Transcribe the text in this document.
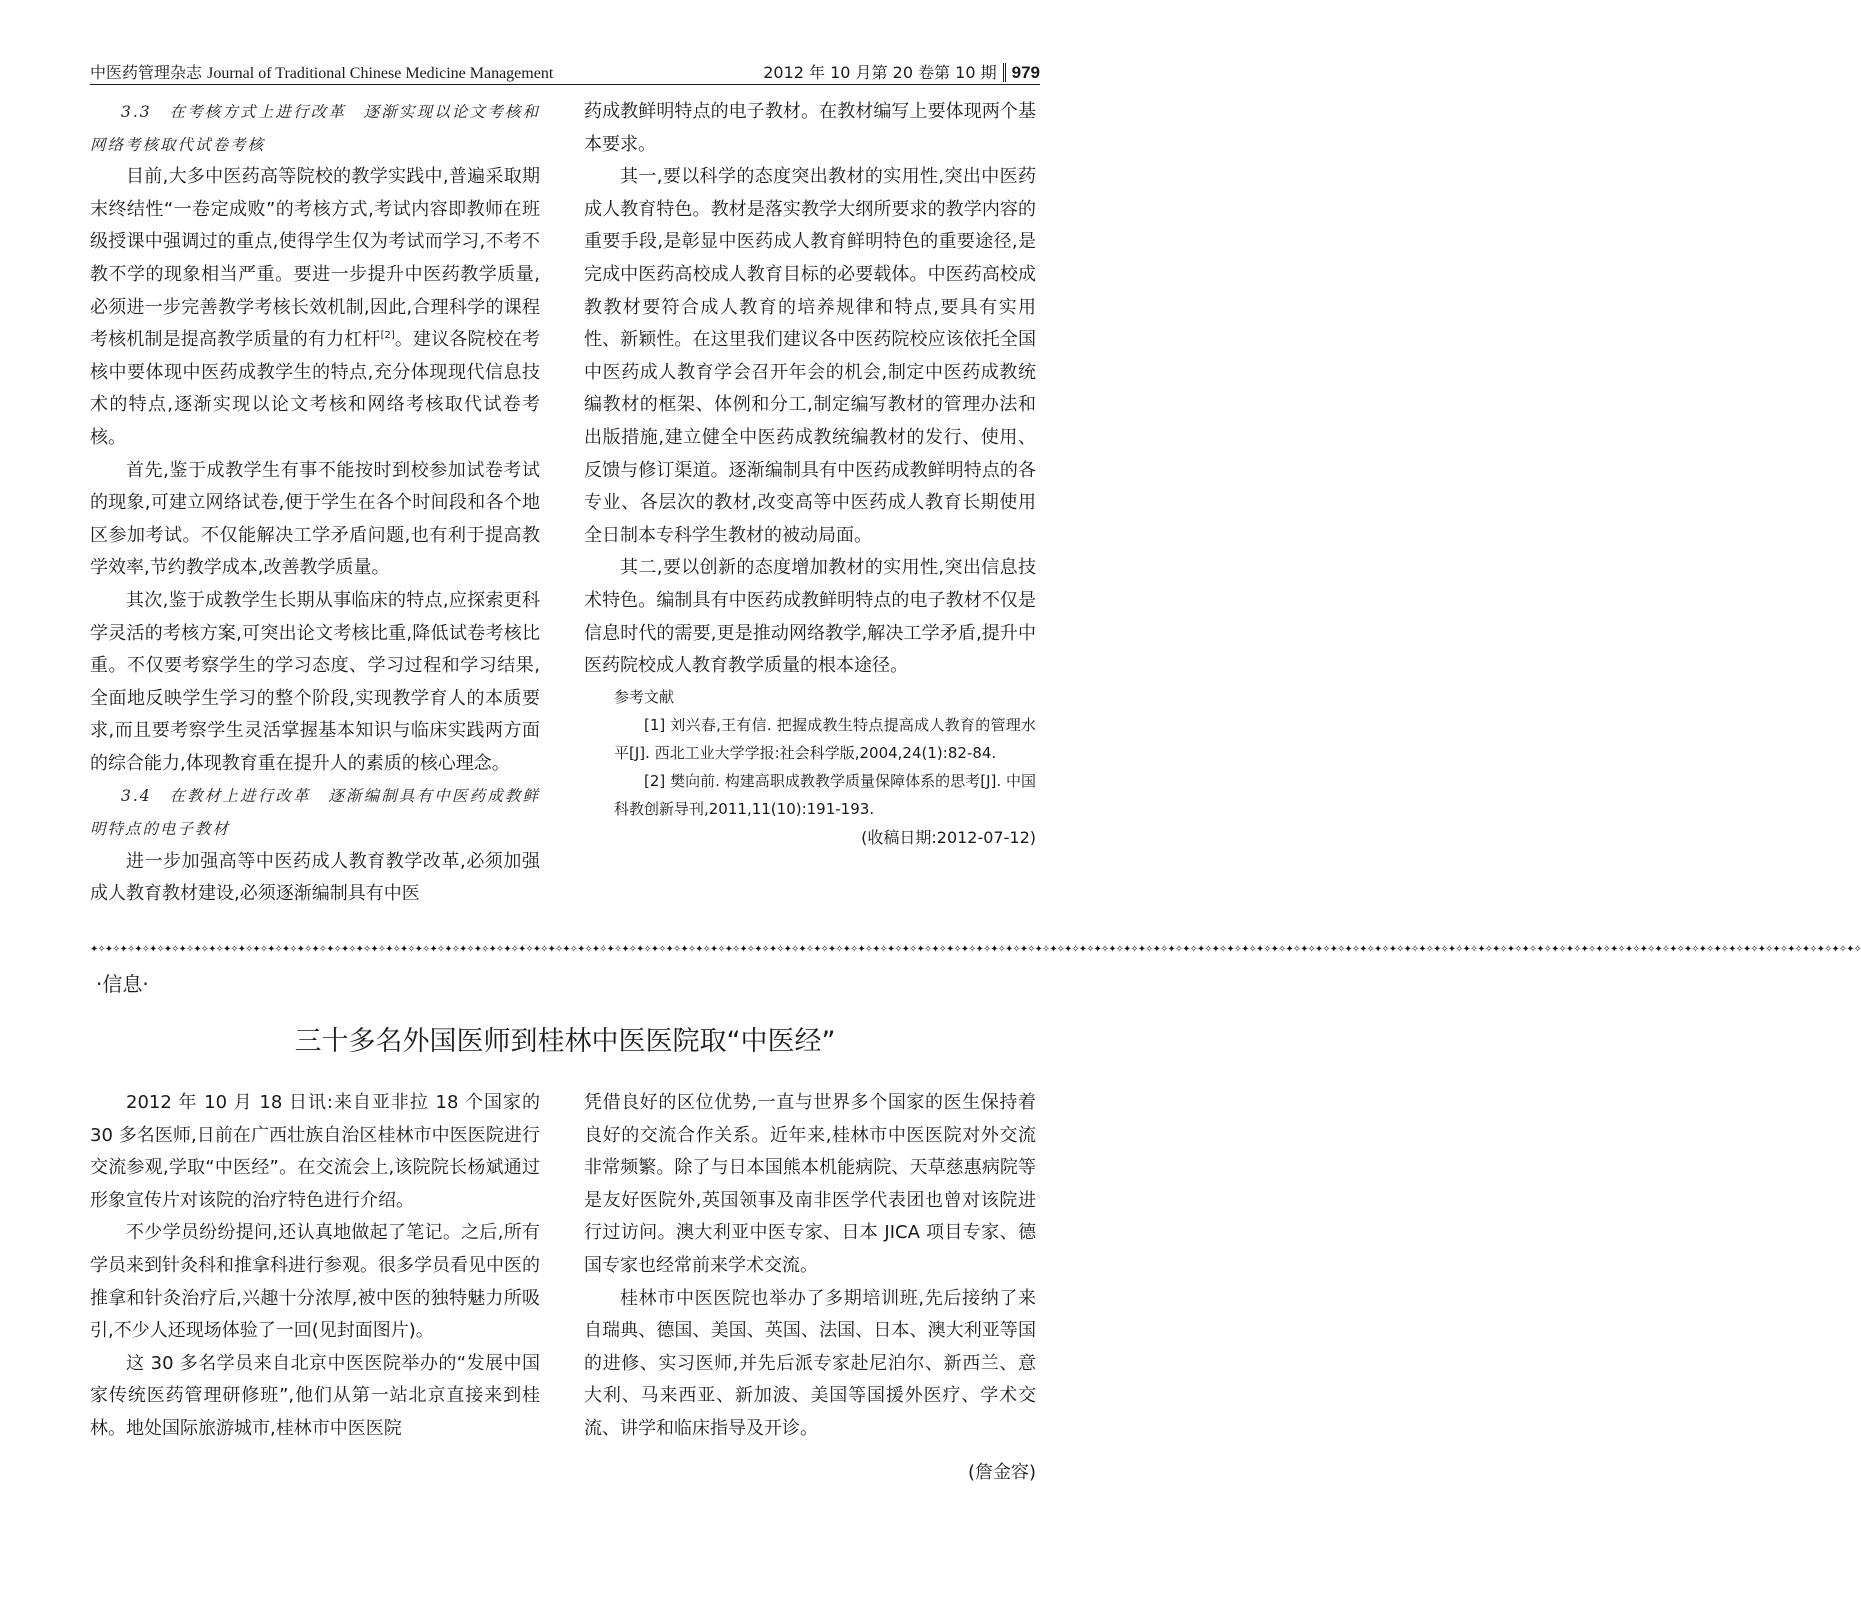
中医药管理杂志 Journal of Traditional Chinese Medicine Management	2012 年 10 月第 20 卷第 10 期 979

3.3　在考核方式上进行改革　逐渐实现以论文考核和网络考核取代试卷考核

目前,大多中医药高等院校的教学实践中,普遍采取期末终结性“一卷定成败”的考核方式,考试内容即教师在班级授课中强调过的重点,使得学生仅为考试而学习,不考不教不学的现象相当严重。要进一步提升中医药教学质量,必须进一步完善教学考核长效机制,因此,合理科学的课程考核机制是提高教学质量的有力杠杆[2]。建议各院校在考核中要体现中医药成教学生的特点,充分体现现代信息技术的特点,逐渐实现以论文考核和网络考核取代试卷考核。

首先,鉴于成教学生有事不能按时到校参加试卷考试的现象,可建立网络试卷,便于学生在各个时间段和各个地区参加考试。不仅能解决工学矛盾问题,也有利于提高教学效率,节约教学成本,改善教学质量。

其次,鉴于成教学生长期从事临床的特点,应探索更科学灵活的考核方案,可突出论文考核比重,降低试卷考核比重。不仅要考察学生的学习态度、学习过程和学习结果,全面地反映学生学习的整个阶段,实现教学育人的本质要求,而且要考察学生灵活掌握基本知识与临床实践两方面的综合能力,体现教育重在提升人的素质的核心理念。

3.4　在教材上进行改革　逐渐编制具有中医药成教鲜明特点的电子教材

进一步加强高等中医药成人教育教学改革,必须加强成人教育教材建设,必须逐渐编制具有中医

药成教鲜明特点的电子教材。在教材编写上要体现两个基本要求。

其一,要以科学的态度突出教材的实用性,突出中医药成人教育特色。教材是落实教学大纲所要求的教学内容的重要手段,是彰显中医药成人教育鲜明特色的重要途径,是完成中医药高校成人教育目标的必要载体。中医药高校成教教材要符合成人教育的培养规律和特点,要具有实用性、新颖性。在这里我们建议各中医药院校应该依托全国中医药成人教育学会召开年会的机会,制定中医药成教统编教材的框架、体例和分工,制定编写教材的管理办法和出版措施,建立健全中医药成教统编教材的发行、使用、反馈与修订渠道。逐渐编制具有中医药成教鲜明特点的各专业、各层次的教材,改变高等中医药成人教育长期使用全日制本专科学生教材的被动局面。

其二,要以创新的态度增加教材的实用性,突出信息技术特色。编制具有中医药成教鲜明特点的电子教材不仅是信息时代的需要,更是推动网络教学,解决工学矛盾,提升中医药院校成人教育教学质量的根本途径。

参考文献

[1] 刘兴春,王有信. 把握成教生特点提高成人教育的管理水平[J]. 西北工业大学学报:社会科学版,2004,24(1):82-84.

[2] 樊向前. 构建高职成教教学质量保障体系的思考[J]. 中国科教创新导刊,2011,11(10):191-193.

(收稿日期:2012-07-12)

✦✧✦✧✦✧✦✧✦✧✦✧✦✧✦✧✦✧✦✧✦✧✦✧✦✧✦✧✦✧✦✧✦✧✦✧✦✧✦✧✦✧✦✧✦✧✦✧✦✧✦✧✦✧✦✧✦✧✦✧✦✧✦✧✦✧✦✧✦✧✦✧✦✧✦✧✦✧✦✧✦✧✦✧✦✧✦✧✦✧✦✧✦✧✦✧✦✧✦✧✦✧✦✧✦✧✦✧✦✧✦✧✦✧✦✧✦✧✦✧✦✧✦✧✦✧✦✧✦✧✦✧✦✧✦✧✦✧✦✧✦✧✦✧✦✧✦✧✦✧✦✧✦✧✦✧✦✧✦✧✦✧✦✧✦✧✦✧✦✧✦✧✦✧✦✧✦✧✦✧✦✧✦✧✦✧✦✧✦✧✦✧✦✧✦✧✦✧✦✧✦✧✦✧✦✧✦✧✦✧✦✧✦✧✦✧✦✧✦✧✦✧✦✧✦✧✦✧✦✧✦✧✦✧✦✧✦✧✦✧
·信息·
三十多名外国医师到桂林中医医院取“中医经”

2012 年 10 月 18 日讯:来自亚非拉 18 个国家的 30 多名医师,日前在广西壮族自治区桂林市中医医院进行交流参观,学取“中医经”。在交流会上,该院院长杨斌通过形象宣传片对该院的治疗特色进行介绍。

不少学员纷纷提问,还认真地做起了笔记。之后,所有学员来到针灸科和推拿科进行参观。很多学员看见中医的推拿和针灸治疗后,兴趣十分浓厚,被中医的独特魅力所吸引,不少人还现场体验了一回(见封面图片)。

这 30 多名学员来自北京中医医院举办的“发展中国家传统医药管理研修班”,他们从第一站北京直接来到桂林。地处国际旅游城市,桂林市中医医院

凭借良好的区位优势,一直与世界多个国家的医生保持着良好的交流合作关系。近年来,桂林市中医医院对外交流非常频繁。除了与日本国熊本机能病院、天草慈惠病院等是友好医院外,英国领事及南非医学代表团也曾对该院进行过访问。澳大利亚中医专家、日本 JICA 项目专家、德国专家也经常前来学术交流。

桂林市中医医院也举办了多期培训班,先后接纳了来自瑞典、德国、美国、英国、法国、日本、澳大利亚等国的进修、实习医师,并先后派专家赴尼泊尔、新西兰、意大利、马来西亚、新加波、美国等国援外医疗、学术交流、讲学和临床指导及开诊。

(詹金容)
